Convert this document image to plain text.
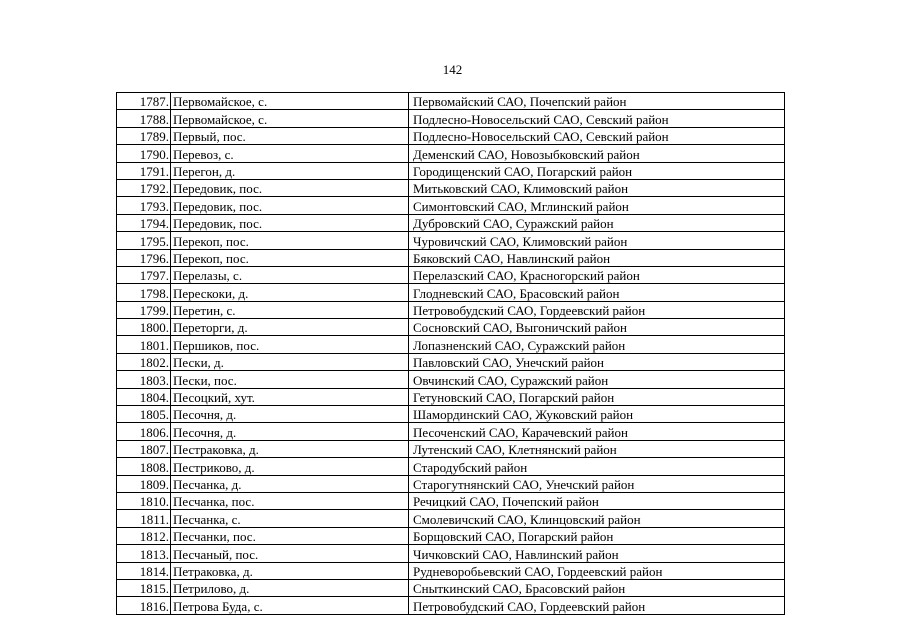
142
1787.	Первомайское, с.	Первомайский САО, Почепский район
1788.	Первомайское, с.	Подлесно-Новосельский САО, Севский район
1789.	Первый, пос.	Подлесно-Новосельский САО, Севский район
1790.	Перевоз, с.	Деменский САО, Новозыбковский район
1791.	Перегон, д.	Городищенский САО, Погарский район
1792.	Передовик, пос.	Митьковский САО, Климовский район
1793.	Передовик, пос.	Симонтовский САО, Мглинский район
1794.	Передовик, пос.	Дубровский САО, Суражский район
1795.	Перекоп, пос.	Чуровичский САО, Климовский район
1796.	Перекоп, пос.	Бяковский САО, Навлинский район
1797.	Перелазы, с.	Перелазский САО, Красногорский район
1798.	Перескоки, д.	Глодневский САО, Брасовский район
1799.	Перетин, с.	Петровобудский САО, Гордеевский район
1800.	Переторги, д.	Сосновский САО, Выгоничский район
1801.	Першиков, пос.	Лопазненский САО, Суражский район
1802.	Пески, д.	Павловский САО, Унечский район
1803.	Пески, пос.	Овчинский САО, Суражский район
1804.	Песоцкий, хут.	Гетуновский САО, Погарский район
1805.	Песочня, д.	Шамординский САО, Жуковский район
1806.	Песочня, д.	Песоченский САО, Карачевский район
1807.	Пестраковка, д.	Лутенский САО, Клетнянский район
1808.	Пестриково, д.	Стародубский район
1809.	Песчанка, д.	Старогутнянский САО, Унечский район
1810.	Песчанка, пос.	Речицкий САО, Почепский район
1811.	Песчанка, с.	Смолевичский САО, Клинцовский район
1812.	Песчанки, пос.	Борщовский САО, Погарский район
1813.	Песчаный, пос.	Чичковский САО, Навлинский район
1814.	Петраковка, д.	Рудневоробьевский САО, Гордеевский район
1815.	Петрилово, д.	Сныткинский САО, Брасовский район
1816.	Петрова Буда, с.	Петровобудский САО, Гордеевский район
